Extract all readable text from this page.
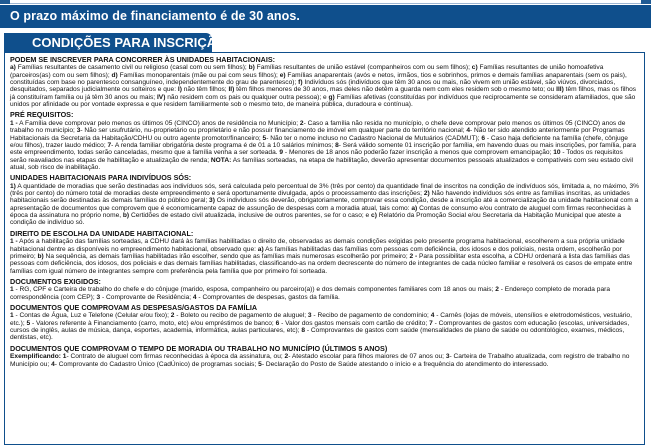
O prazo máximo de financiamento é de 30 anos.
CONDIÇÕES PARA INSCRIÇÃO
PODEM SE INSCREVER PARA CONCORRER ÀS UNIDADES HABITACIONAIS:
a) Famílias resultantes de casamento civil ou religioso (casal com ou sem filhos); b) Famílias resultantes de união estável (companheiros com ou sem filhos); c) Famílias resultantes de união homoafetiva (parceiros(as) com ou sem filhos); d) Famílias monoparentais (mãe ou pai com seus filhos); e) Famílias anaparentais (avós e netos, irmãos, tios e sobrinhos, primos e demais famílias anaparentais (sem os pais), constituídas com base no parentesco consanguíneo, independentemente do grau de parentesco); f) Indivíduos sós (indivíduos que têm 30 anos ou mais, não vivem em união estável, são viúvos, divorciados, desquitados, separados judicialmente ou solteiros e que: I) não têm filhos; II) têm filhos menores de 30 anos, mas deles não detêm a guarda nem com eles residem sob o mesmo teto; ou III) têm filhos, mas os filhos já constituíram família ou já têm 30 anos ou mais; IV) não residem com os pais ou qualquer outra pessoa); e g) Famílias afetivas (constituídas por indivíduos que reciprocamente se consideram afamiliados, que são unidos por afinidade ou por vontade expressa e que residem familiarmente sob o mesmo teto, de maneira pública, duradoura e contínua).
PRÉ REQUISITOS:
1 - A Família deve comprovar pelo menos os últimos 05 (CINCO) anos de residência no Município; 2- Caso a família não resida no município, o chefe deve comprovar pelo menos os últimos 05 (CINCO) anos de trabalho no município; 3- Não ser usufrutário, nu-proprietário ou proprietário e não possuir financiamento de imóvel em qualquer parte do território nacional; 4- Não ter sido atendido anteriormente por Programas Habitacionais da Secretaria da Habitação/CDHU ou outro agente promotor/financeiro; 5- Não ter o nome incluso no Cadastro Nacional de Mutuários (CADMUT); 6 - Caso haja deficiente na família (chefe, cônjuge e/ou filhos), trazer laudo médico; 7- A renda familiar obrigatória deste programa é de 01 a 10 salários mínimos; 8- Será válido somente 01 inscrição por família, em havendo duas ou mais inscrições, por família, para este empreendimento, todas serão canceladas, mesmo que a família venha a ser sorteada. 9 - Menores de 18 anos não poderão fazer inscrição a menos que comprovem emancipação; 10 - Todos os requisitos serão reavaliados nas etapas de habilitação e atualização de renda; NOTA: As famílias sorteadas, na etapa de habilitação, deverão apresentar documentos pessoais atualizados e compatíveis com seu estado civil atual, sob risco de inabilitação.
UNIDADES HABITACIONAIS PARA INDIVÍDUOS SÓS:
1) A quantidade de moradias que serão destinadas aos indivíduos sós, será calculada pelo percentual de 3% (três por cento) da quantidade final de inscritos na condição de indivíduos sós, limitada a, no máximo, 3% (três por cento) do número total de moradias deste empreendimento e será oportunamente divulgada, após o processamento das inscrições; 2) Não havendo indivíduos sós entre as famílias inscritas, as unidades habitacionais serão destinadas às demais famílias do público geral; 3) Os indivíduos sós deverão, obrigatoriamente, comprovar essa condição, desde a inscrição até a comercialização da unidade habitacional com a apresentação de documentos que comprovem que é economicamente capaz de assunção de despesas com a moradia atual, tais como: a) Contas de consumo e/ou contrato de aluguel com firmas reconhecidas à época da assinatura no próprio nome, b) Certidões de estado civil atualizada, inclusive de outros parentes, se for o caso; e c) Relatório da Promoção Social e/ou Secretaria da Habitação Municipal que ateste a condição de indivíduo só.
DIREITO DE ESCOLHA DA UNIDADE HABITACIONAL:
1 - Após a habilitação das famílias sorteadas, a CDHU dará às famílias habilitadas o direito de, observadas as demais condições exigidas pelo presente programa habitacional, escolherem a sua própria unidade habitacional dentre as disponíveis no empreendimento habitacional, observado que: a) As famílias habilitadas das famílias com pessoas com deficiência, dos idosos e dos policiais, nesta ordem, escolherão por primeiro; b) Na sequência, as demais famílias habilitadas irão escolher, sendo que as famílias mais numerosas escolherão por primeiro; 2 - Para possibilitar esta escolha, a CDHU ordenará a lista das famílias das pessoas com deficiência, dos idosos, dos policiais e das demais famílias habilitadas, classificando-as na ordem decrescente do número de integrantes de cada núcleo familiar e resolverá os casos de empate entre famílias com igual número de integrantes sempre com preferência pela família que por primeiro foi sorteada.
DOCUMENTOS EXIGIDOS:
1 - RG, CPF e Carteira de trabalho do chefe e do cônjuge (marido, esposa, companheiro ou parceiro(a)) e dos demais componentes familiares com 18 anos ou mais; 2 - Endereço completo de morada para correspondência (com CEP); 3 - Comprovante de Residência; 4 - Comprovantes de despesas, gastos da família.
DOCUMENTOS QUE COMPROVAM AS DESPESAS/GASTOS DA FAMÍLIA
1 - Contas de Água, Luz e Telefone (Celular e/ou fixo); 2 - Boleto ou recibo de pagamento de aluguel; 3 - Recibo de pagamento de condomínio; 4 - Carnês (lojas de móveis, utensílios e eletrodomésticos, vestuário, etc.); 5 - Valores referente à Financiamento (carro, moto, etc) e/ou empréstimos de banco; 6 - Valor dos gastos mensais com cartão de crédito; 7 - Comprovantes de gastos com educação (escolas, universidades, cursos de inglês, aulas de música, dança, esportes, academia, informática, aulas particulares, etc); 8 - Comprovantes de gastos com saúde (mensalidades de plano de saúde ou odontológico, exames, médicos, dentistas, etc).
DOCUMENTOS QUE COMPROVAM O TEMPO DE MORADIA OU TRABALHO NO MUNICÍPIO (ÚLTIMOS 5 ANOS)
Exemplificando: 1- Contrato de aluguel com firmas reconhecidas à época da assinatura, ou; 2- Atestado escolar para filhos maiores de 07 anos ou; 3- Carteira de Trabalho atualizada, com registro de trabalho no Município ou; 4- Comprovante do Cadastro Único (CadÚnico) de programas sociais; 5- Declaração do Posto de Saúde atestando o início e a frequência do atendimento do interessado.
